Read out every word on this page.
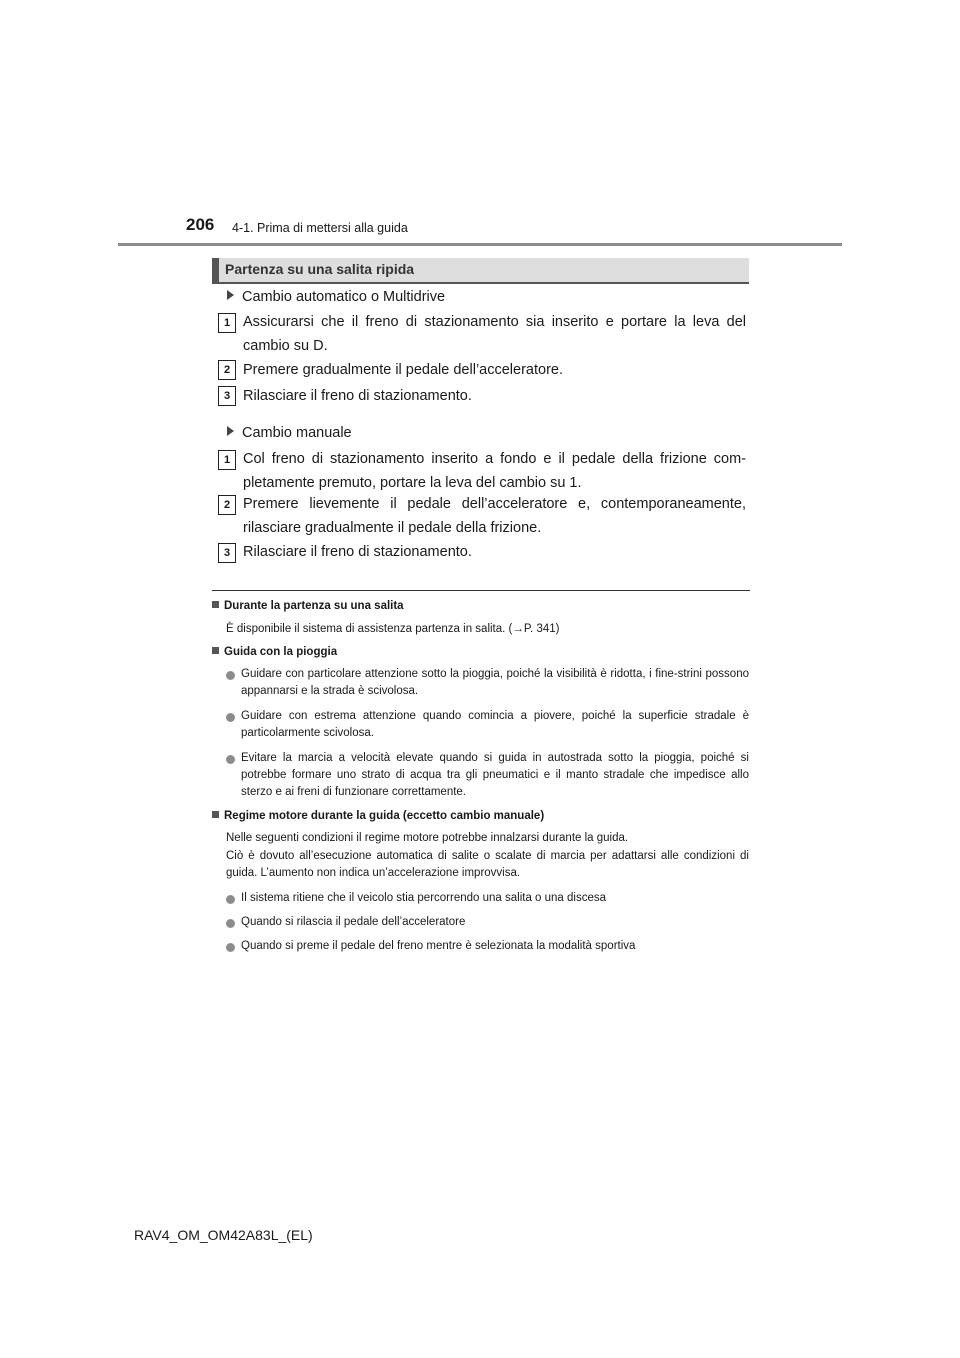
206 4-1. Prima di mettersi alla guida
Partenza su una salita ripida
Cambio automatico o Multidrive
1 Assicurarsi che il freno di stazionamento sia inserito e portare la leva del cambio su D.
2 Premere gradualmente il pedale dell’acceleratore.
3 Rilasciare il freno di stazionamento.
Cambio manuale
1 Col freno di stazionamento inserito a fondo e il pedale della frizione com-pletamente premuto, portare la leva del cambio su 1.
2 Premere lievemente il pedale dell’acceleratore e, contemporaneamente, rilasciare gradualmente il pedale della frizione.
3 Rilasciare il freno di stazionamento.
Durante la partenza su una salita
È disponibile il sistema di assistenza partenza in salita. (→P. 341)
Guida con la pioggia
Guidare con particolare attenzione sotto la pioggia, poiché la visibilità è ridotta, i fine-strini possono appannarsi e la strada è scivolosa.
Guidare con estrema attenzione quando comincia a piovere, poiché la superficie stradale è particolarmente scivolosa.
Evitare la marcia a velocità elevate quando si guida in autostrada sotto la pioggia, poiché si potrebbe formare uno strato di acqua tra gli pneumatici e il manto stradale che impedisce allo sterzo e ai freni di funzionare correttamente.
Regime motore durante la guida (eccetto cambio manuale)
Nelle seguenti condizioni il regime motore potrebbe innalzarsi durante la guida.
Ciò è dovuto all’esecuzione automatica di salite o scalate di marcia per adattarsi alle condizioni di guida. L’aumento non indica un’accelerazione improvvisa.
Il sistema ritiene che il veicolo stia percorrendo una salita o una discesa
Quando si rilascia il pedale dell’acceleratore
Quando si preme il pedale del freno mentre è selezionata la modalità sportiva
RAV4_OM_OM42A83L_(EL)
